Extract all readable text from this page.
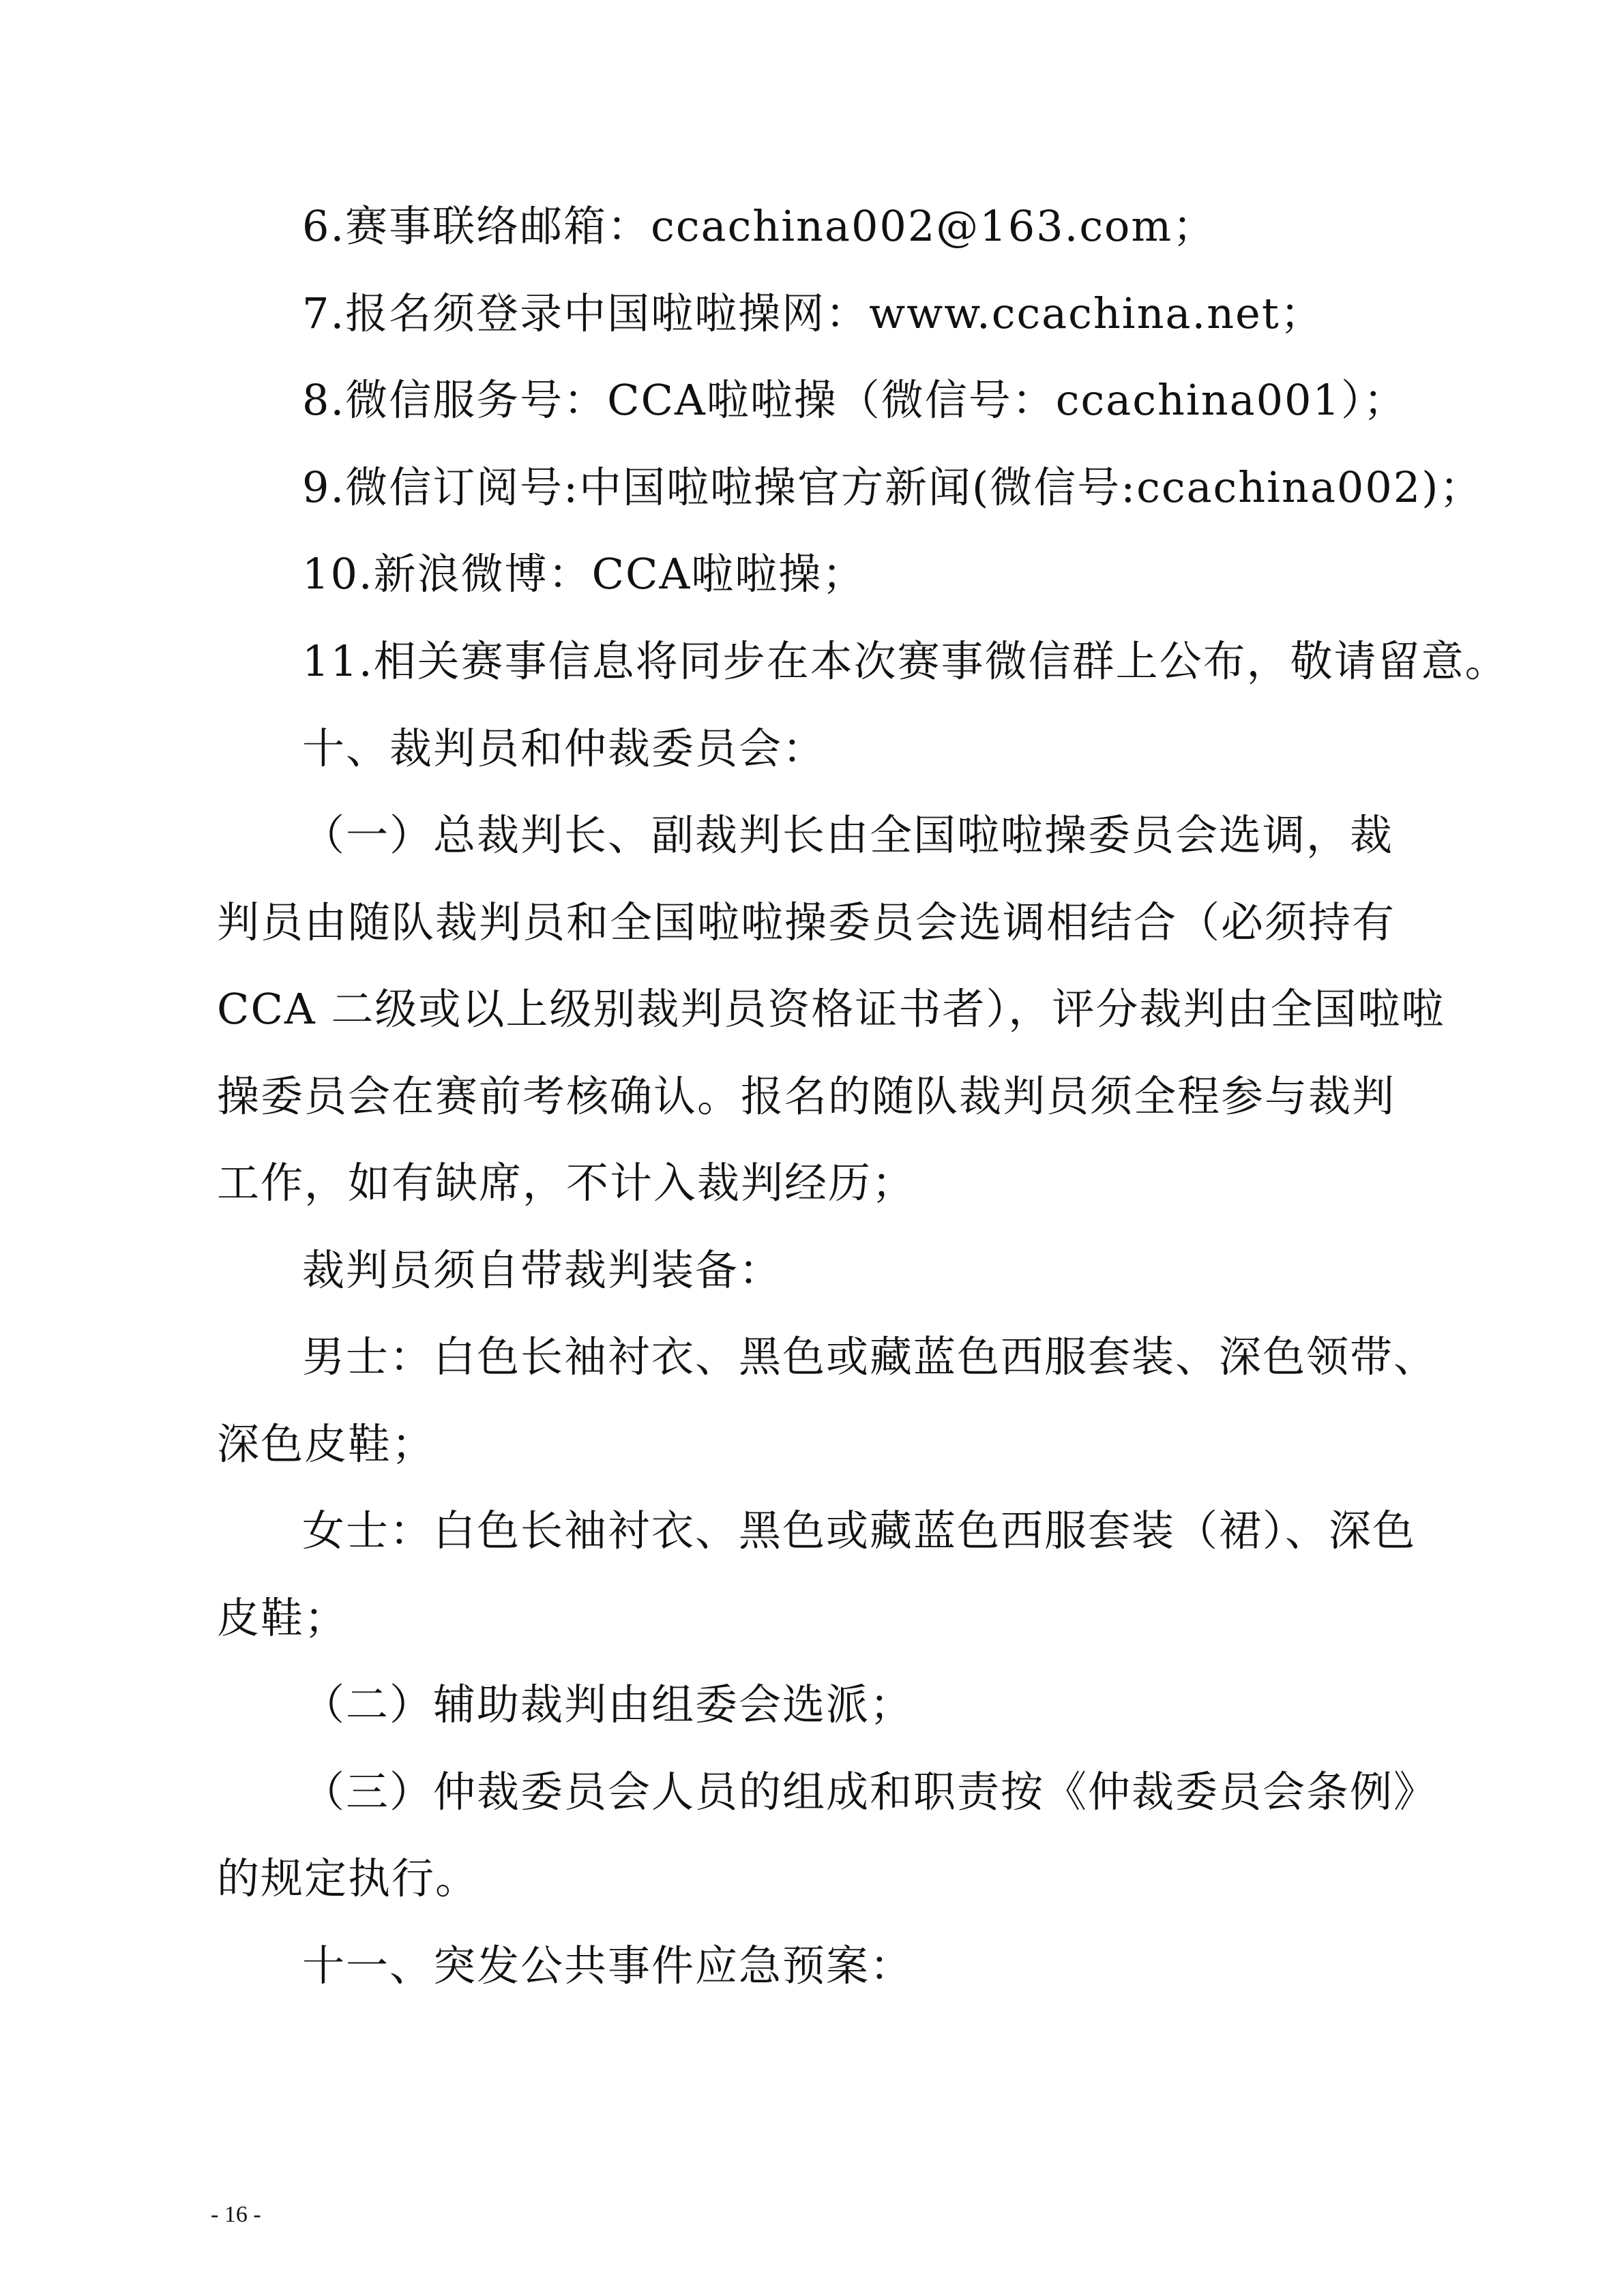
6.赛事联络邮箱：ccachina002@163.com；
7.报名须登录中国啦啦操网：www.ccachina.net；
8.微信服务号：CCA啦啦操（微信号：ccachina001）；
9.微信订阅号:中国啦啦操官方新闻(微信号:ccachina002)；
10.新浪微博：CCA啦啦操；
11.相关赛事信息将同步在本次赛事微信群上公布，敬请留意。
十、裁判员和仲裁委员会：
（一）总裁判长、副裁判长由全国啦啦操委员会选调，裁
判员由随队裁判员和全国啦啦操委员会选调相结合（必须持有
CCA 二级或以上级别裁判员资格证书者），评分裁判由全国啦啦
操委员会在赛前考核确认。报名的随队裁判员须全程参与裁判
工作，如有缺席，不计入裁判经历；
裁判员须自带裁判装备：
男士：白色长袖衬衣、黑色或藏蓝色西服套装、深色领带、
深色皮鞋；
女士：白色长袖衬衣、黑色或藏蓝色西服套装（裙）、深色
皮鞋；
（二）辅助裁判由组委会选派；
（三）仲裁委员会人员的组成和职责按《仲裁委员会条例》
的规定执行。
十一、突发公共事件应急预案：
- 16 -
